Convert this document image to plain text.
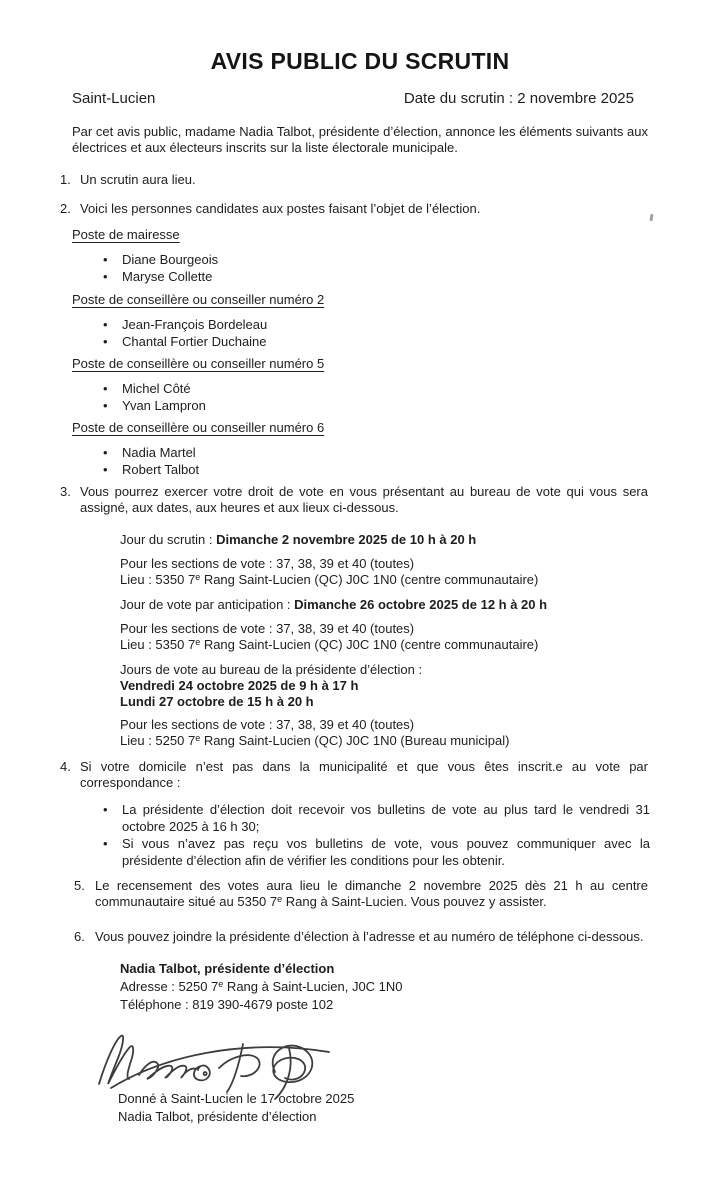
AVIS PUBLIC DU SCRUTIN
Saint-Lucien	Date du scrutin : 2 novembre 2025

Par cet avis public, madame Nadia Talbot, présidente d’élection, annonce les éléments suivants aux électrices et aux électeurs inscrits sur la liste électorale municipale.

1. Un scrutin aura lieu.

2. Voici les personnes candidates aux postes faisant l’objet de l’élection.

Poste de mairesse

•	Diane Bourgeois
•	Maryse Collette

Poste de conseillère ou conseiller numéro 2

•	Jean-François Bordeleau
•	Chantal Fortier Duchaine

Poste de conseillère ou conseiller numéro 5

•	Michel Côté
•	Yvan Lampron

Poste de conseillère ou conseiller numéro 6

•	Nadia Martel
•	Robert Talbot
3. Vous pourrez exercer votre droit de vote en vous présentant au bureau de vote qui vous sera assigné, aux dates, aux heures et aux lieux ci-dessous.

Jour du scrutin : Dimanche 2 novembre 2025 de 10 h à 20 h

Pour les sections de vote : 37, 38, 39 et 40 (toutes)

Lieu : 5350 7e Rang Saint-Lucien (QC) J0C 1N0 (centre communautaire)

Jour de vote par anticipation : Dimanche 26 octobre 2025 de 12 h à 20 h

Pour les sections de vote : 37, 38, 39 et 40 (toutes)

Lieu : 5350 7e Rang Saint-Lucien (QC) J0C 1N0 (centre communautaire)

Jours de vote au bureau de la présidente d’élection :

Vendredi 24 octobre 2025 de 9 h à 17 h

Lundi 27 octobre de 15 h à 20 h

Pour les sections de vote : 37, 38, 39 et 40 (toutes)

Lieu : 5250 7e Rang Saint-Lucien (QC) J0C 1N0 (Bureau municipal)

4. Si votre domicile n’est pas dans la municipalité et que vous êtes inscrit.e au vote par correspondance :

•	La présidente d’élection doit recevoir vos bulletins de vote au plus tard le vendredi 31 octobre 2025 à 16 h 30;

•	Si vous n’avez pas reçu vos bulletins de vote, vous pouvez communiquer avec la présidente d’élection afin de vérifier les conditions pour les obtenir.

5. Le recensement des votes aura lieu le dimanche 2 novembre 2025 dès 21 h au centre communautaire situé au 5350 7e Rang à Saint-Lucien. Vous pouvez y assister.

6. Vous pouvez joindre la présidente d’élection à l’adresse et au numéro de téléphone ci-dessous.

Nadia Talbot, présidente d’élection

Adresse : 5250 7e Rang à Saint-Lucien, J0C 1N0

Téléphone : 819 390-4679 poste 102

Donné à Saint-Lucien le 17 octobre 2025

Nadia Talbot, présidente d’élection
